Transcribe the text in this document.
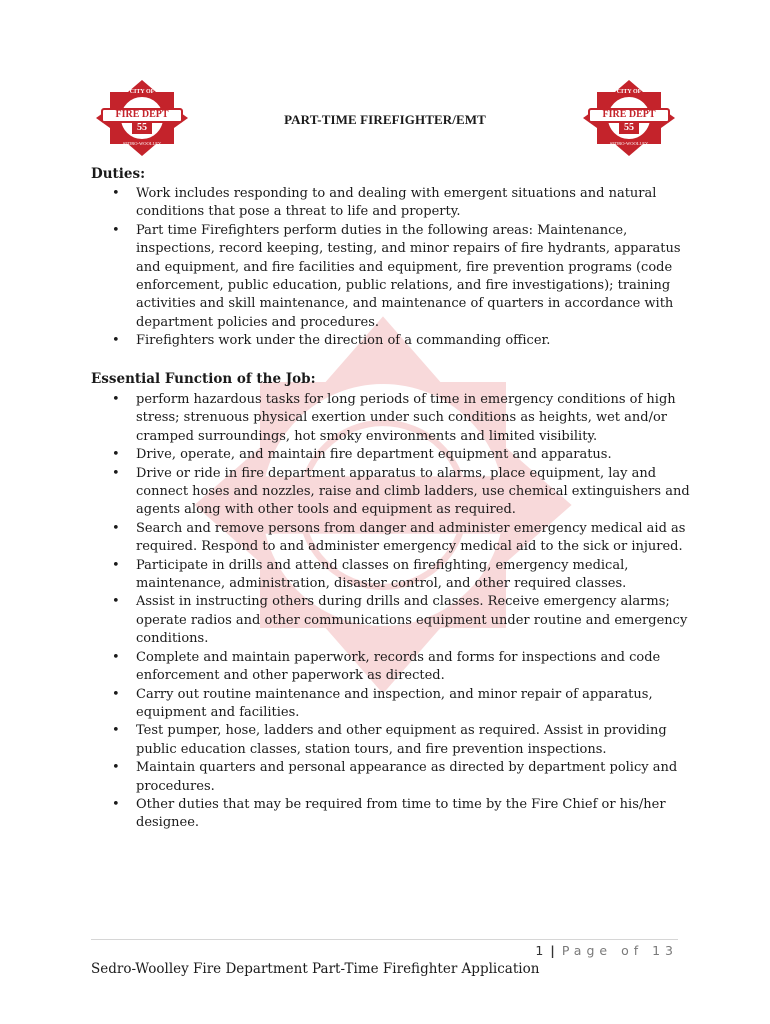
CITY OF
FIRE DEPT
55
SEDRO-WOOLLEY
CITY OF
FIRE DEPT
55
SEDRO-WOOLLEY
PART-TIME FIREFIGHTER/EMT
Duties:
• Work includes responding to and dealing with emergent situations and natural conditions that pose a threat to life and property.
• Part time Firefighters perform duties in the following areas: Maintenance, inspections, record keeping, testing, and minor repairs of fire hydrants, apparatus and equipment, and fire facilities and equipment, fire prevention programs (code enforcement, public education, public relations, and fire investigations); training activities and skill maintenance, and maintenance of quarters in accordance with department policies and procedures.
• Firefighters work under the direction of a commanding officer.
Essential Function of the Job:
• perform hazardous tasks for long periods of time in emergency conditions of high stress; strenuous physical exertion under such conditions as heights, wet and/or cramped surroundings, hot smoky environments and limited visibility.
• Drive, operate, and maintain fire department equipment and apparatus.
• Drive or ride in fire department apparatus to alarms, place equipment, lay and connect hoses and nozzles, raise and climb ladders, use chemical extinguishers and agents along with other tools and equipment as required.
• Search and remove persons from danger and administer emergency medical aid as required. Respond to and administer emergency medical aid to the sick or injured.
• Participate in drills and attend classes on firefighting, emergency medical, maintenance, administration, disaster control, and other required classes.
• Assist in instructing others during drills and classes. Receive emergency alarms; operate radios and other communications equipment under routine and emergency conditions.
• Complete and maintain paperwork, records and forms for inspections and code enforcement and other paperwork as directed.
• Carry out routine maintenance and inspection, and minor repair of apparatus, equipment and facilities.
• Test pumper, hose, ladders and other equipment as required. Assist in providing public education classes, station tours, and fire prevention inspections.
• Maintain quarters and personal appearance as directed by department policy and procedures.
• Other duties that may be required from time to time by the Fire Chief or his/her designee.
1 | Page of 13
Sedro-Woolley Fire Department Part-Time Firefighter Application
